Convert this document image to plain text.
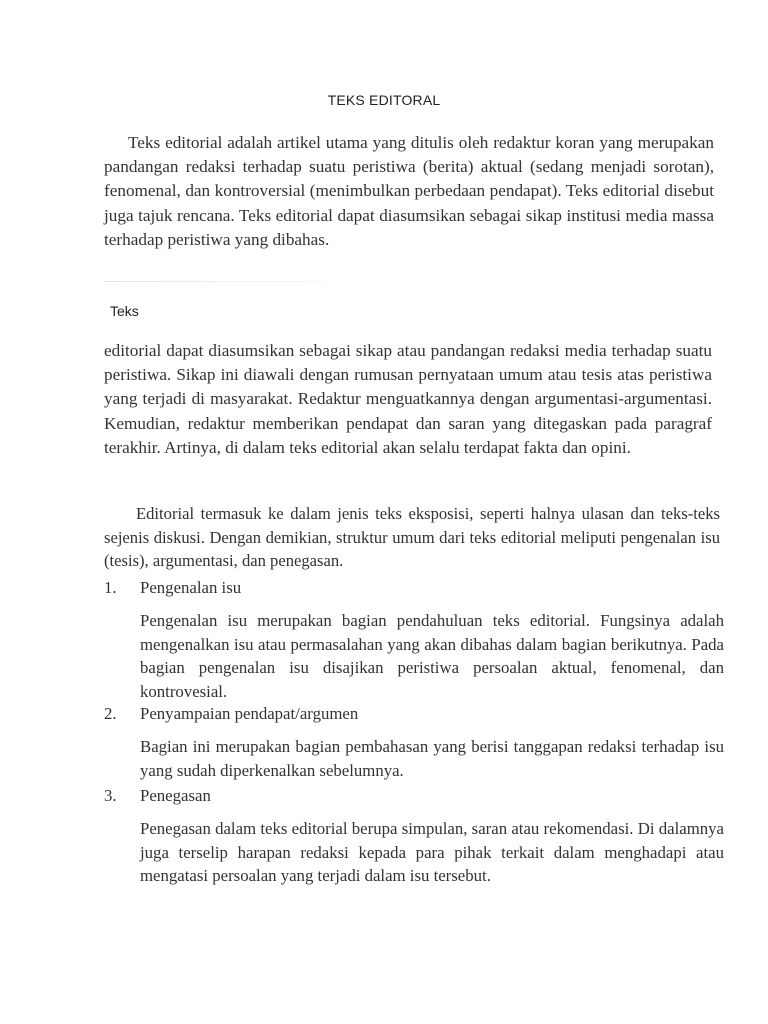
TEKS EDITORAL
Teks editorial adalah artikel utama yang ditulis oleh redaktur koran yang merupakan pandangan redaksi terhadap suatu peristiwa (berita) aktual (sedang menjadi sorotan), fenomenal, dan kontroversial (menimbulkan perbedaan pendapat). Teks editorial disebut juga tajuk rencana. Teks editorial dapat diasumsikan sebagai sikap institusi media massa terhadap peristiwa yang dibahas.
Teks
editorial dapat diasumsikan sebagai sikap atau pandangan redaksi media terhadap suatu peristiwa. Sikap ini diawali dengan rumusan pernyataan umum atau tesis atas peristiwa yang terjadi di masyarakat. Redaktur menguatkannya dengan argumentasi-argumentasi. Kemudian, redaktur memberikan pendapat dan saran yang ditegaskan pada paragraf terakhir. Artinya, di dalam teks editorial akan selalu terdapat fakta dan opini.
Editorial termasuk ke dalam jenis teks eksposisi, seperti halnya ulasan dan teks-teks sejenis diskusi. Dengan demikian, struktur umum dari teks editorial meliputi pengenalan isu (tesis), argumentasi, dan penegasan.
1. Pengenalan isu
Pengenalan isu merupakan bagian pendahuluan teks editorial. Fungsinya adalah mengenalkan isu atau permasalahan yang akan dibahas dalam bagian berikutnya. Pada bagian pengenalan isu disajikan peristiwa persoalan aktual, fenomenal, dan kontrovesial.
2. Penyampaian pendapat/argumen
Bagian ini merupakan bagian pembahasan yang berisi tanggapan redaksi terhadap isu yang sudah diperkenalkan sebelumnya.
3. Penegasan
Penegasan dalam teks editorial berupa simpulan, saran atau rekomendasi. Di dalamnya juga terselip harapan redaksi kepada para pihak terkait dalam menghadapi atau mengatasi persoalan yang terjadi dalam isu tersebut.
